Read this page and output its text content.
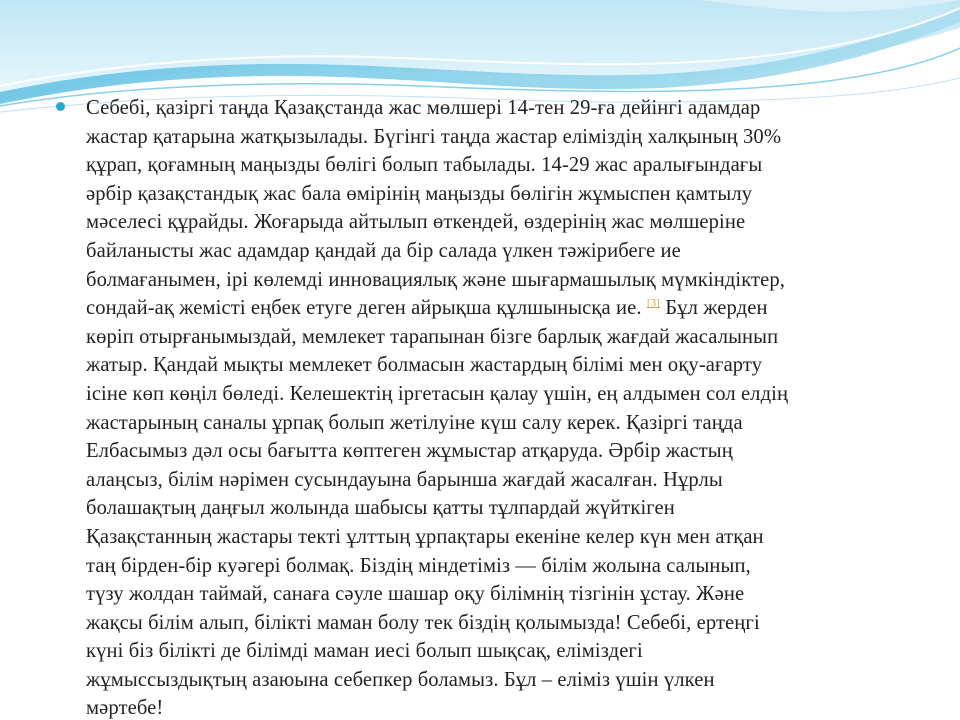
Себебі, қазіргі таңда Қазақстанда жас мөлшері 14-тен 29-ға дейінгі адамдар
жастар қатарына жатқызылады. Бүгінгі таңда жастар еліміздің халқының 30%
құрап, қоғамның маңызды бөлігі болып табылады. 14-29 жас аралығындағы
әрбір қазақстандық жас бала өмірінің маңызды бөлігін жұмыспен қамтылу
мәселесі құрайды. Жоғарыда айтылып өткендей, өздерінің жас мөлшеріне
байланысты жас адамдар қандай да бір салада үлкен тәжірибеге ие
болмағанымен, ірі көлемді инновациялық және шығармашылық мүмкіндіктер,
сондай-ақ жемісті еңбек етуге деген айрықша құлшынысқа ие. [3] Бұл жерден
көріп отырғанымыздай, мемлекет тарапынан бізге барлық жағдай жасалынып
жатыр. Қандай мықты мемлекет болмасын жастардың білімі мен оқу-ағарту
ісіне көп көңіл бөледі. Келешектің іргетасын қалау үшін, ең алдымен сол елдің
жастарының саналы ұрпақ болып жетілуіне күш салу керек. Қазіргі таңда
Елбасымыз дәл осы бағытта көптеген жұмыстар атқаруда. Әрбір жастың
алаңсыз, білім нәрімен сусындауына барынша жағдай жасалған. Нұрлы
болашақтың даңғыл жолында шабысы қатты тұлпардай жүйткіген
Қазақстанның жастары текті ұлттың ұрпақтары екеніне келер күн мен атқан
таң бірден-бір куәгері болмақ. Біздің міндетіміз — білім жолына салынып,
түзу жолдан таймай, санаға сәуле шашар оқу білімнің тізгінін ұстау. Және
жақсы білім алып, білікті маман болу тек біздің қолымызда! Себебі, ертеңгі
күні біз білікті де білімді маман иесі болып шықсақ, еліміздегі
жұмыссыздықтың азаюына себепкер боламыз. Бұл – еліміз үшін үлкен
мәртебе!
